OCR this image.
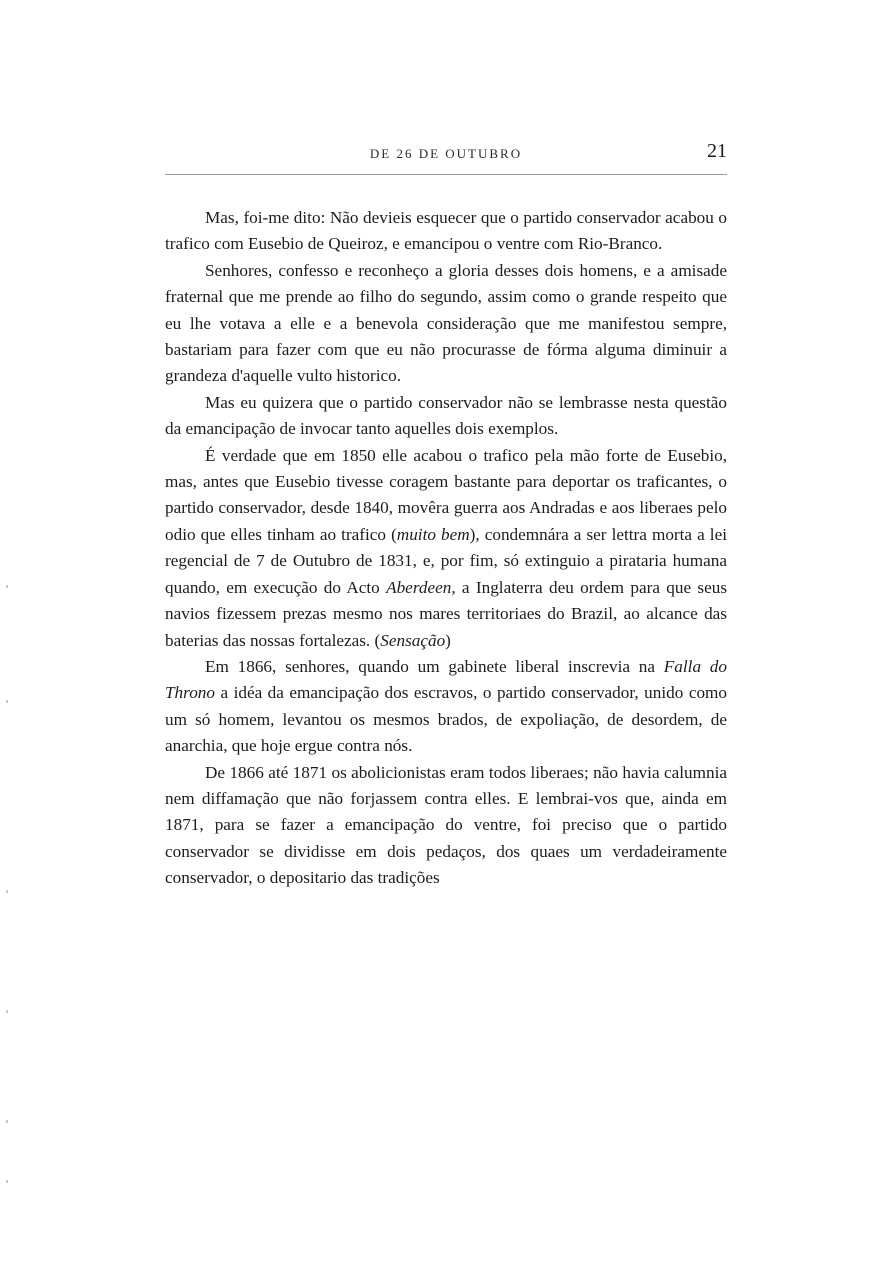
DE 26 DE OUTUBRO	21

Mas, foi-me dito: Não devieis esquecer que o partido conservador acabou o trafico com Eusebio de Queiroz, e emancipou o ventre com Rio-Branco.

Senhores, confesso e reconheço a gloria desses dois homens, e a amisade fraternal que me prende ao filho do segundo, assim como o grande respeito que eu lhe votava a elle e a benevola consideração que me manifestou sempre, bastariam para fazer com que eu não procurasse de fórma alguma diminuir a grandeza d'aquelle vulto historico.

Mas eu quizera que o partido conservador não se lembrasse nesta questão da emancipação de invocar tanto aquelles dois exemplos.

É verdade que em 1850 elle acabou o trafico pela mão forte de Eusebio, mas, antes que Eusebio tivesse coragem bastante para deportar os traficantes, o partido conservador, desde 1840, movêra guerra aos Andradas e aos liberaes pelo odio que elles tinham ao trafico (muito bem), condemnára a ser lettra morta a lei regencial de 7 de Outubro de 1831, e, por fim, só extinguio a pirataria humana quando, em execução do Acto Aberdeen, a Inglaterra deu ordem para que seus navios fizessem prezas mesmo nos mares territoriaes do Brazil, ao alcance das baterias das nossas fortalezas. (Sensação)

Em 1866, senhores, quando um gabinete liberal inscrevia na Falla do Throno a idéa da emancipação dos escravos, o partido conservador, unido como um só homem, levantou os mesmos brados, de expoliação, de desordem, de anarchia, que hoje ergue contra nós.

De 1866 até 1871 os abolicionistas eram todos liberaes; não havia calumnia nem diffamação que não forjassem contra elles. E lembrai-vos que, ainda em 1871, para se fazer a emancipação do ventre, foi preciso que o partido conservador se dividisse em dois pedaços, dos quaes um verdadeiramente conservador, o depositario das tradições
